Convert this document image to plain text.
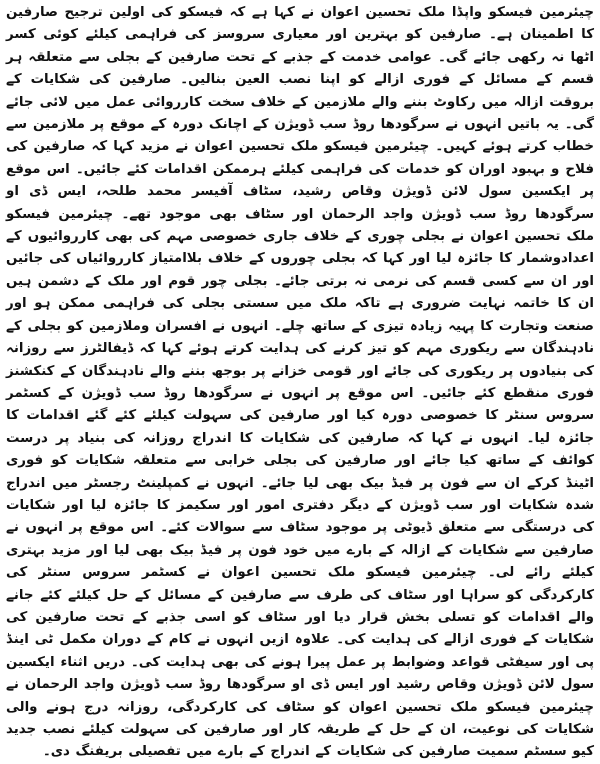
چیئرمین فیسکو واپڈا ملک تحسین اعوان نے کہا ہے کہ فیسکو کی اولین ترجیح صارفین کا اطمینان ہے۔ صارفین کو بہترین اور معیاری سروسز کی فراہمی کیلئے کوئی کسر اٹھا نہ رکھی جائے گی۔ عوامی خدمت کے جذبے کے تحت صارفین کے بجلی سے متعلقہ ہر قسم کے مسائل کے فوری ازالے کو اپنا نصب العین بنالیں۔ صارفین کی شکایات کے بروقت ازالہ میں رکاوٹ بننے والے ملازمین کے خلاف سخت کارروائی عمل میں لائی جائے گی۔ یہ باتیں انہوں نے سرگودھا روڈ سب ڈویژن کے اچانک دورہ کے موقع پر ملازمین سے خطاب کرتے ہوئے کہیں۔ چیئرمین فیسکو ملک تحسین اعوان نے مزید کہا کہ صارفین کی فلاح و بہبود اوران کو خدمات کی فراہمی کیلئے ہرممکن اقدامات کئے جائیں۔ اس موقع پر ایکسین سول لائن ڈویژن وقاص رشید، سٹاف آفیسر محمد طلحہ، ایس ڈی او سرگودھا روڈ سب ڈویژن واجد الرحمان اور سٹاف بھی موجود تھے۔ چیئرمین فیسکو ملک تحسین اعوان نے بجلی چوری کے خلاف جاری خصوصی مہم کی بھی کارروائیوں کے اعدادوشمار کا جائزہ لیا اور کہا کہ بجلی چوروں کے خلاف بلاامتیاز کارروائیاں کی جائیں اور ان سے کسی قسم کی نرمی نہ برتی جائے۔ بجلی چور قوم اور ملک کے دشمن ہیں ان کا خاتمہ نہایت ضروری ہے تاکہ ملک میں سستی بجلی کی فراہمی ممکن ہو اور صنعت وتجارت کا پہیہ زیادہ تیزی کے ساتھ چلے۔ انہوں نے افسران وملازمین کو بجلی کے نادہندگان سے ریکوری مہم کو تیز کرنے کی ہدایت کرتے ہوئے کہا کہ ڈیفالٹرز سے روزانہ کی بنیادوں پر ریکوری کی جائے اور قومی خزانے پر بوجھ بننے والے نادہندگان کے کنکشنز فوری منقطع کئے جائیں۔ اس موقع پر انہوں نے سرگودھا روڈ سب ڈویژن کے کسٹمر سروس سنٹر کا خصوصی دورہ کیا اور صارفین کی سہولت کیلئے کئے گئے اقدامات کا جائزہ لیا۔ انہوں نے کہا کہ صارفین کی شکایات کا اندراج روزانہ کی بنیاد پر درست کوائف کے ساتھ کیا جائے اور صارفین کی بجلی خرابی سے متعلقہ شکایات کو فوری اٹینڈ کرکے ان سے فون پر فیڈ بیک بھی لیا جائے۔ انہوں نے کمپلینٹ رجسٹر میں اندراج شدہ شکایات اور سب ڈویژن کے دیگر دفتری امور اور سکیمز کا جائزہ لیا اور شکایات کی درستگی سے متعلق ڈیوٹی پر موجود سٹاف سے سوالات کئے۔ اس موقع پر انہوں نے صارفین سے شکایات کے ازالہ کے بارے میں خود فون پر فیڈ بیک بھی لیا اور مزید بہتری کیلئے رائے لی۔ چیئرمین فیسکو ملک تحسین اعوان نے کسٹمر سروس سنٹر کی کارکردگی کو سراہا اور سٹاف کی طرف سے صارفین کے مسائل کے حل کیلئے کئے جانے والے اقدامات کو تسلی بخش قرار دیا اور سٹاف کو اسی جذبے کے تحت صارفین کی شکایات کے فوری ازالے کی ہدایت کی۔ علاوہ ازیں انہوں نے کام کے دوران مکمل ٹی اینڈ پی اور سیفٹی قواعد وضوابط پر عمل پیرا ہونے کی بھی ہدایت کی۔ دریں اثناء ایکسین سول لائن ڈویژن وقاص رشید اور ایس ڈی او سرگودھا روڈ سب ڈویژن واجد الرحمان نے چیئرمین فیسکو ملک تحسین اعوان کو سٹاف کی کارکردگی، روزانہ درج ہونے والی شکایات کی نوعیت، ان کے حل کے طریقہ کار اور صارفین کی سہولت کیلئے نصب جدید کیو سسٹم سمیت صارفین کی شکایات کے اندراج کے بارے میں تفصیلی بریفنگ دی۔
